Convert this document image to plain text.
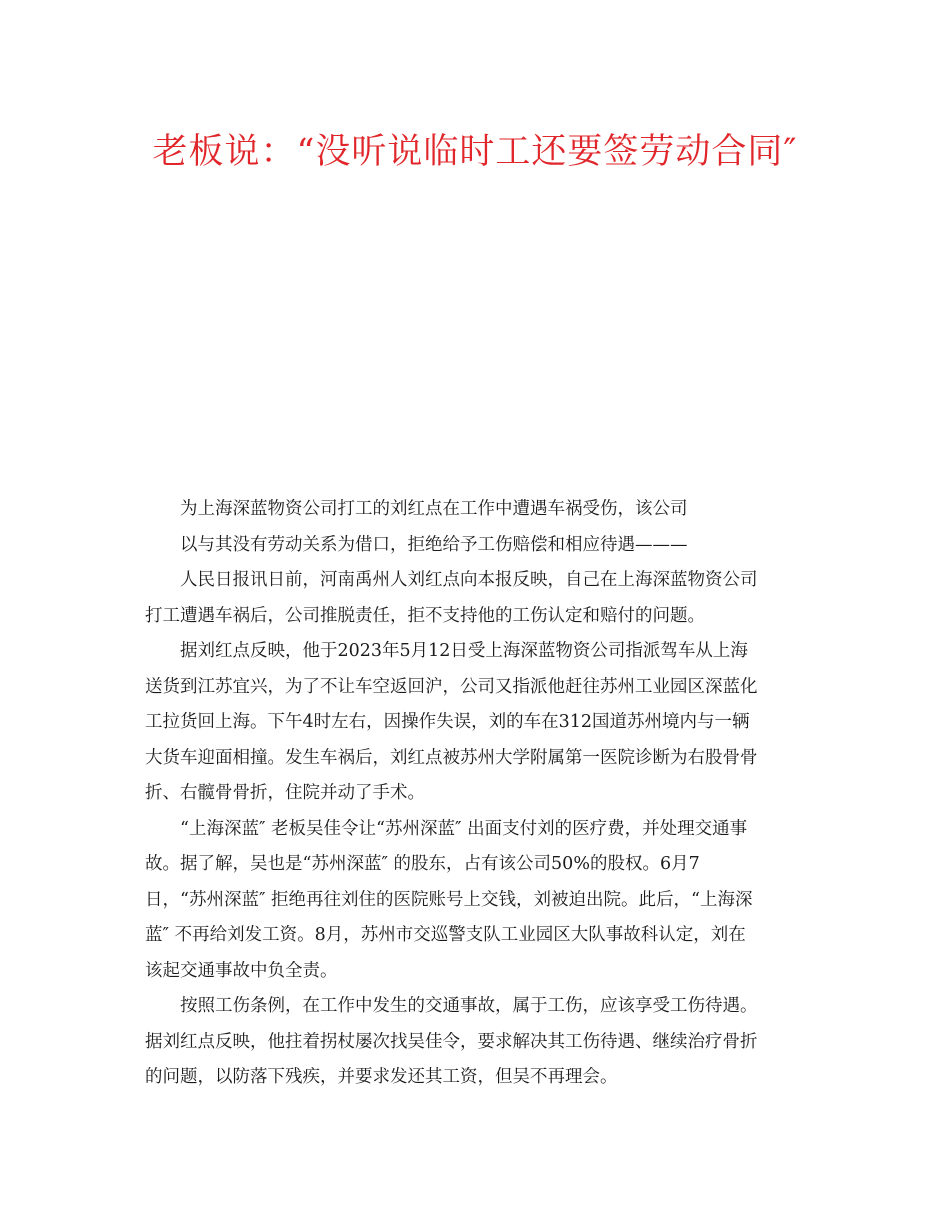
老板说：“没听说临时工还要签劳动合同″
为上海深蓝物资公司打工的刘红点在工作中遭遇车祸受伤，该公司
以与其没有劳动关系为借口，拒绝给予工伤赔偿和相应待遇———
人民日报讯日前，河南禹州人刘红点向本报反映，自己在上海深蓝物资公司
打工遭遇车祸后，公司推脱责任，拒不支持他的工伤认定和赔付的问题。
据刘红点反映，他于2023年5月12日受上海深蓝物资公司指派驾车从上海
送货到江苏宜兴，为了不让车空返回沪，公司又指派他赶往苏州工业园区深蓝化
工拉货回上海。下午4时左右，因操作失误，刘的车在312国道苏州境内与一辆
大货车迎面相撞。发生车祸后，刘红点被苏州大学附属第一医院诊断为右股骨骨
折、右髋骨骨折，住院并动了手术。
“上海深蓝″ 老板吴佳令让“苏州深蓝″ 出面支付刘的医疗费，并处理交通事
故。据了解，吴也是“苏州深蓝″ 的股东，占有该公司50%的股权。6月7
日，“苏州深蓝″ 拒绝再往刘住的医院账号上交钱，刘被迫出院。此后，“上海深
蓝″ 不再给刘发工资。8月，苏州市交巡警支队工业园区大队事故科认定，刘在
该起交通事故中负全责。
按照工伤条例，在工作中发生的交通事故，属于工伤，应该享受工伤待遇。
据刘红点反映，他拄着拐杖屡次找吴佳令，要求解决其工伤待遇、继续治疗骨折
的问题，以防落下残疾，并要求发还其工资，但吴不再理会。
